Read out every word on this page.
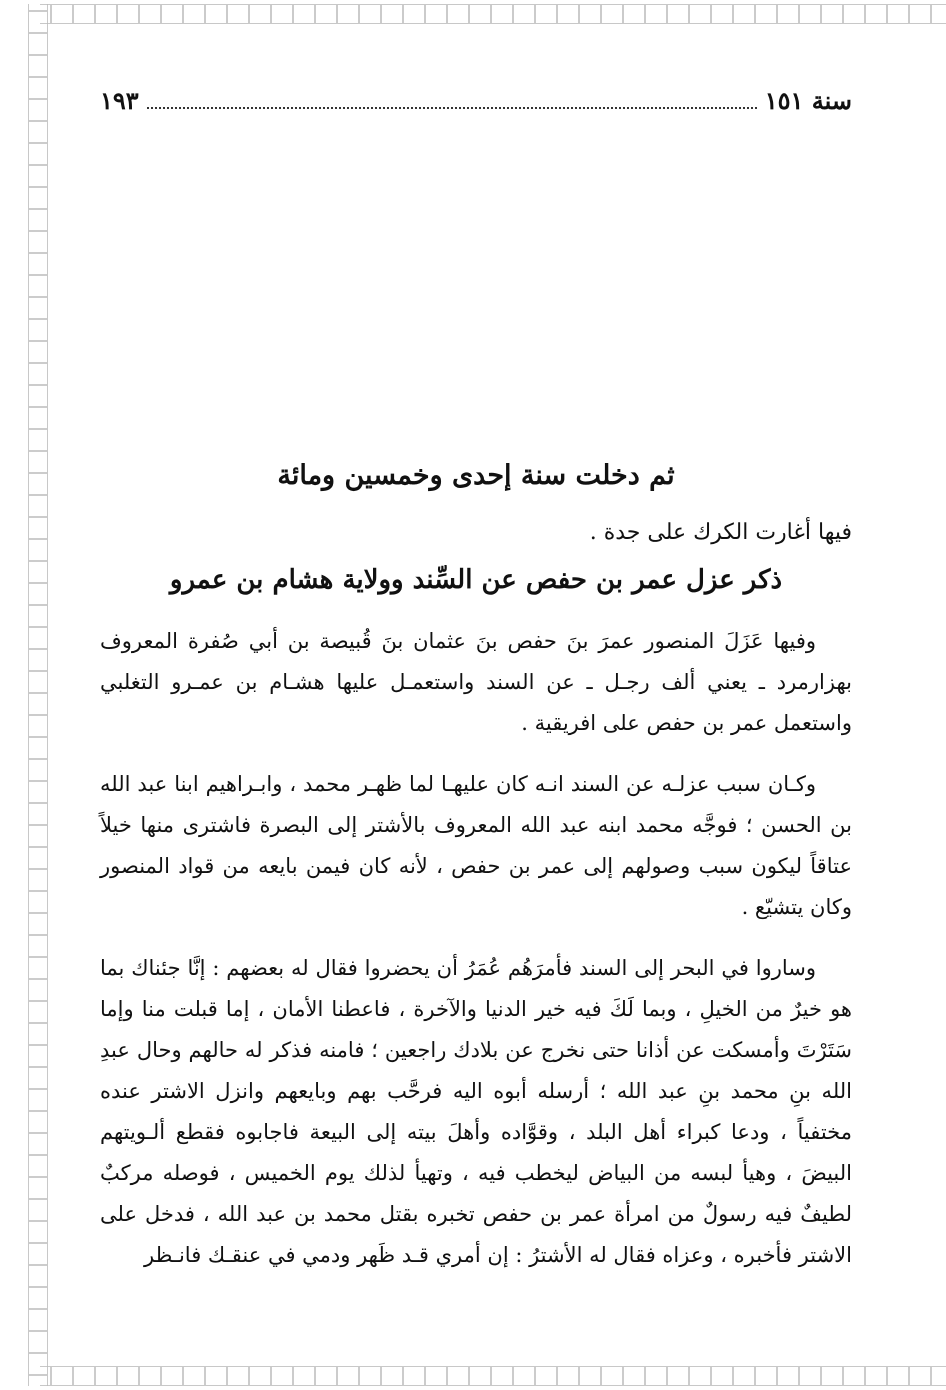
سنة ١٥١
١٩٣
ثم دخلت سنة إحدى وخمسين ومائة
فيها أغارت الكرك على جدة .
ذكر عزل عمر بن حفص عن السِّند وولاية هشام بن عمرو

وفيها عَزَلَ المنصور عمرَ بنَ حفص بنَ عثمان بنَ قُبيصة بن أبي صُفرة المعروف بهزارمرد ـ يعني ألف رجـل ـ عن السند واستعمـل عليها هشـام بن عمـرو التغلبي واستعمل عمر بن حفص على افريقية .

وكـان سبب عزلـه عن السند انـه كان عليهـا لما ظهـر محمد ، وابـراهيم ابنا عبد الله بن الحسن ؛ فوجَّه محمد ابنه عبد الله المعروف بالأشتر إلى البصرة فاشترى منها خيلاً عتاقاً ليكون سبب وصولهم إلى عمر بن حفص ، لأنه كان فيمن بايعه من قواد المنصور وكان يتشيّع .

وساروا في البحر إلى السند فأمرَهُم عُمَرُ أن يحضروا فقال له بعضهم : إنَّا جئناك بما هو خيرٌ من الخيلِ ، وبما لَكَ فيه خير الدنيا والآخرة ، فاعطنا الأمان ، إما قبلت منا وإما سَتَرْتَ وأمسكت عن أذانا حتى نخرج عن بلادك راجعين ؛ فامنه فذكر له حالهم وحال عبدِ الله بنِ محمد بنِ عبد الله ؛ أرسله أبوه اليه فرحَّب بهم وبايعهم وانزل الاشتر عنده مختفياً ، ودعا كبراء أهل البلد ، وقوَّاده وأهلَ بيته إلى البيعة فاجابوه فقطع ألـويتهم البيضَ ، وهيأ لبسه من البياض ليخطب فيه ، وتهيأ لذلك يوم الخميس ، فوصله مركبٌ لطيفٌ فيه رسولٌ من امرأة عمر بن حفص تخبره بقتل محمد بن عبد الله ، فدخل على الاشتر فأخبره ، وعزاه فقال له الأشترُ : إن أمري قـد ظَهر ودمي في عنقـك فانـظر
